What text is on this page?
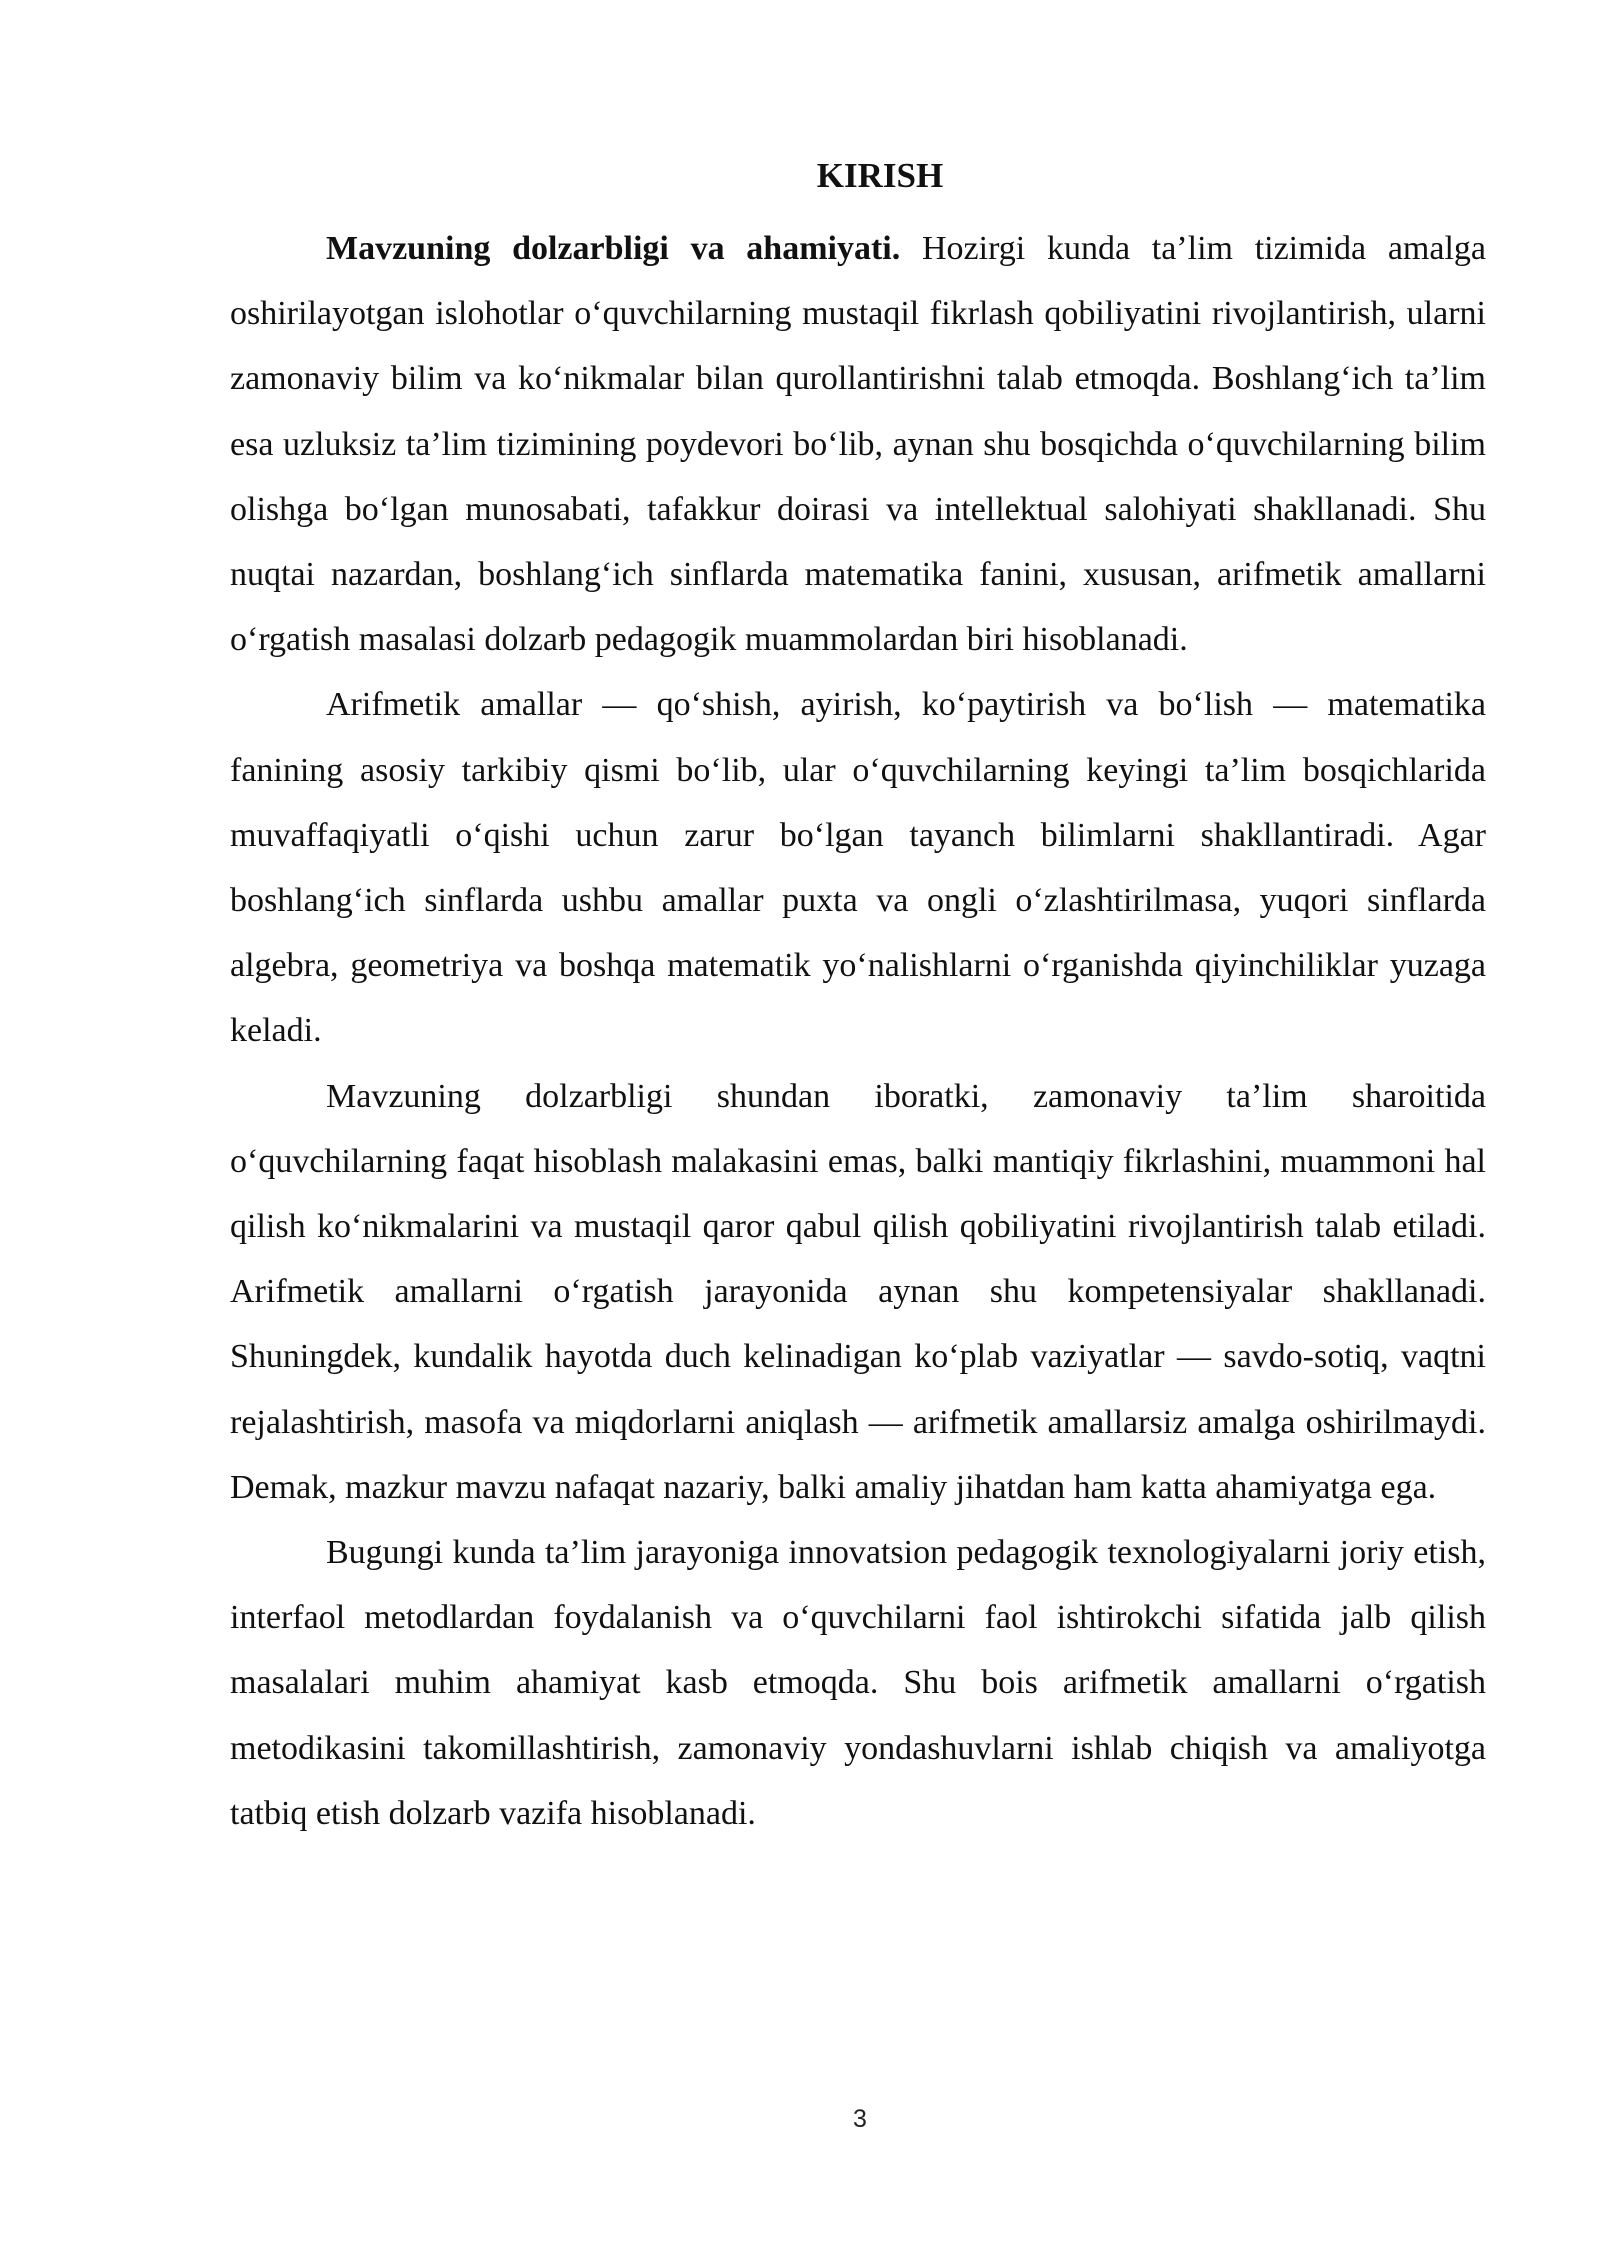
KIRISH

Mavzuning dolzarbligi va ahamiyati. Hozirgi kunda ta’lim tizimida amalga oshirilayotgan islohotlar o‘quvchilarning mustaqil fikrlash qobiliyatini rivojlantirish, ularni zamonaviy bilim va ko‘nikmalar bilan qurollantirishni talab etmoqda. Boshlang‘ich ta’lim esa uzluksiz ta’lim tizimining poydevori bo‘lib, aynan shu bosqichda o‘quvchilarning bilim olishga bo‘lgan munosabati, tafakkur doirasi va intellektual salohiyati shakllanadi. Shu nuqtai nazardan, boshlang‘ich sinflarda matematika fanini, xususan, arifmetik amallarni o‘rgatish masalasi dolzarb pedagogik muammolardan biri hisoblanadi.

Arifmetik amallar — qo‘shish, ayirish, ko‘paytirish va bo‘lish — matematika fanining asosiy tarkibiy qismi bo‘lib, ular o‘quvchilarning keyingi ta’lim bosqichlarida muvaffaqiyatli o‘qishi uchun zarur bo‘lgan tayanch bilimlarni shakllantiradi. Agar boshlang‘ich sinflarda ushbu amallar puxta va ongli o‘zlashtirilmasa, yuqori sinflarda algebra, geometriya va boshqa matematik yo‘nalishlarni o‘rganishda qiyinchiliklar yuzaga keladi.

Mavzuning dolzarbligi shundan iboratki, zamonaviy ta’lim sharoitida o‘quvchilarning faqat hisoblash malakasini emas, balki mantiqiy fikrlashini, muammoni hal qilish ko‘nikmalarini va mustaqil qaror qabul qilish qobiliyatini rivojlantirish talab etiladi. Arifmetik amallarni o‘rgatish jarayonida aynan shu kompetensiyalar shakllanadi. Shuningdek, kundalik hayotda duch kelinadigan ko‘plab vaziyatlar — savdo-sotiq, vaqtni rejalashtirish, masofa va miqdorlarni aniqlash — arifmetik amallarsiz amalga oshirilmaydi. Demak, mazkur mavzu nafaqat nazariy, balki amaliy jihatdan ham katta ahamiyatga ega.

Bugungi kunda ta’lim jarayoniga innovatsion pedagogik texnologiyalarni joriy etish, interfaol metodlardan foydalanish va o‘quvchilarni faol ishtirokchi sifatida jalb qilish masalalari muhim ahamiyat kasb etmoqda. Shu bois arifmetik amallarni o‘rgatish metodikasini takomillashtirish, zamonaviy yondashuvlarni ishlab chiqish va amaliyotga tatbiq etish dolzarb vazifa hisoblanadi.

3
